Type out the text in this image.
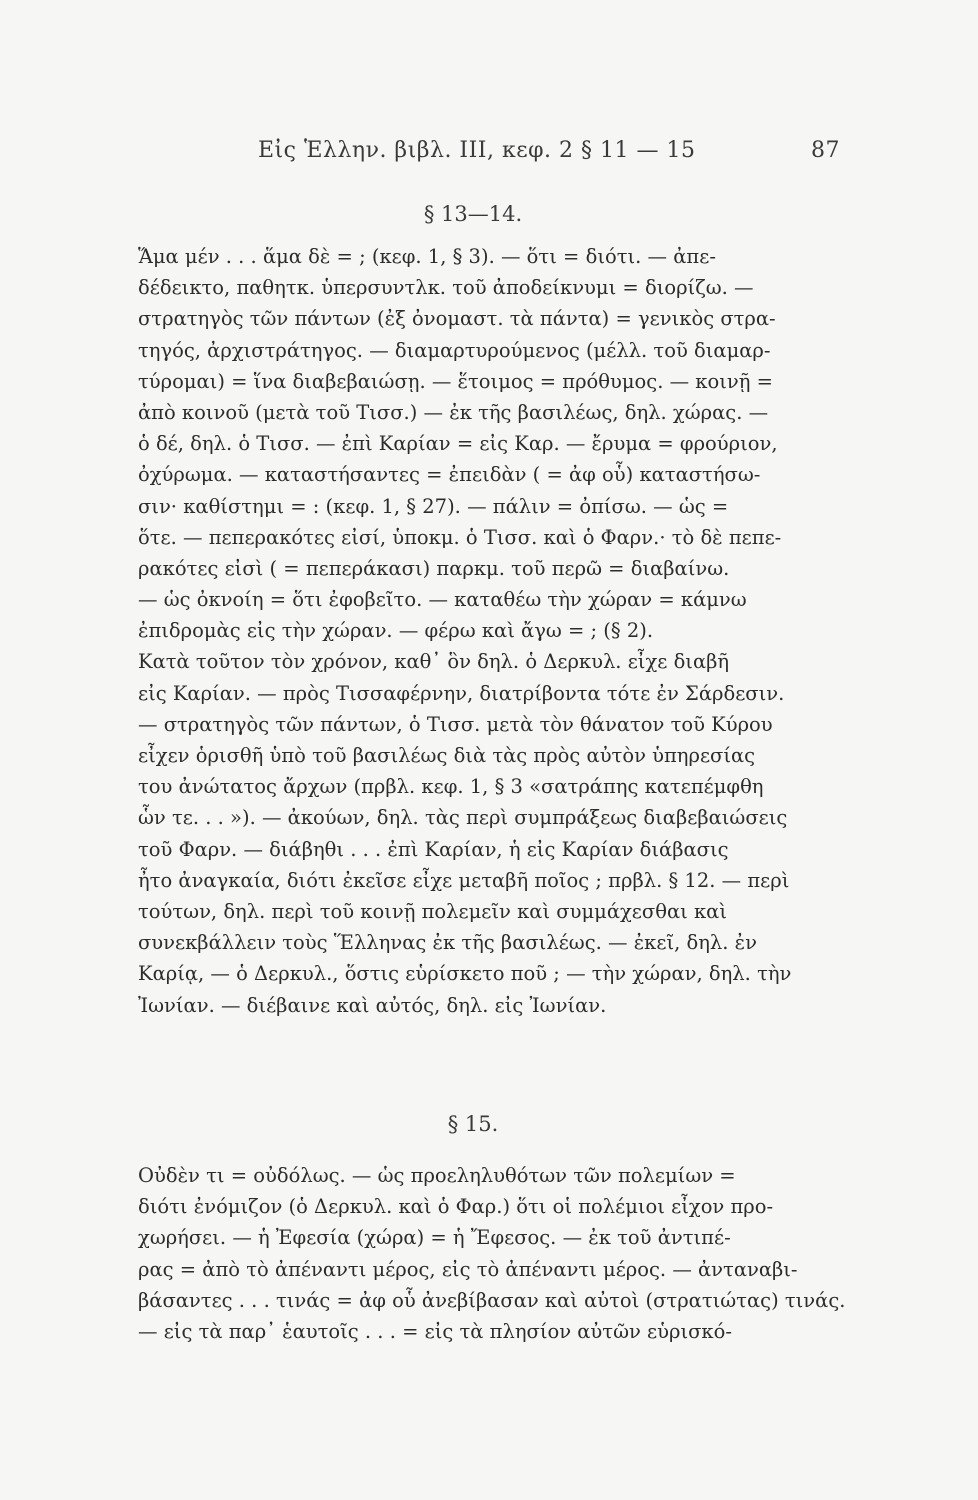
Εἰς Ἑλλην. βιβλ. III, κεφ. 2 § 11 — 15	87
§ 13—14.
Ἅμα μέν . . . ἅμα δὲ = ; (κεφ. 1, § 3). — ὅτι = διότι. — ἀπε-
δέδεικτο, παθητκ. ὑπερσυντλκ. τοῦ ἀποδείκνυμι = διορίζω. —
στρατηγὸς τῶν πάντων (ἐξ ὀνομαστ. τὰ πάντα) = γενικὸς στρα-
τηγός, ἀρχιστράτηγος. — διαμαρτυρούμενος (μέλλ. τοῦ διαμαρ-
τύρομαι) = ἵνα διαβεβαιώσῃ. — ἕτοιμος = πρόθυμος. — κοινῇ =
ἀπὸ κοινοῦ (μετὰ τοῦ Τισσ.) — ἐκ τῆς βασιλέως, δηλ. χώρας. —
ὁ δέ, δηλ. ὁ Τισσ. — ἐπὶ Καρίαν = εἰς Καρ. — ἔρυμα = φρούριον,
ὀχύρωμα. — καταστήσαντες = ἐπειδὰν ( = ἀφ οὗ) καταστήσω-
σιν· καθίστημι = : (κεφ. 1, § 27). — πάλιν = ὀπίσω. — ὡς =
ὅτε. — πεπερακότες εἰσί, ὑποκμ. ὁ Τισσ. καὶ ὁ Φαρν.· τὸ δὲ πεπε-
ρακότες εἰσὶ ( = πεπεράκασι) παρκμ. τοῦ περῶ = διαβαίνω.
— ὡς ὀκνοίη = ὅτι ἐφοβεῖτο. — καταθέω τὴν χώραν = κάμνω
ἐπιδρομὰς εἰς τὴν χώραν. — φέρω καὶ ἄγω = ; (§ 2).
Κατὰ τοῦτον τὸν χρόνον, καθ᾽ ὃν δηλ. ὁ Δερκυλ. εἶχε διαβῆ
εἰς Καρίαν. — πρὸς Τισσαφέρνην, διατρίβοντα τότε ἐν Σάρδεσιν.
— στρατηγὸς τῶν πάντων, ὁ Τισσ. μετὰ τὸν θάνατον τοῦ Κύρου
εἶχεν ὁρισθῆ ὑπὸ τοῦ βασιλέως διὰ τὰς πρὸς αὐτὸν ὑπηρεσίας
του ἀνώτατος ἄρχων (πρβλ. κεφ. 1, § 3 «σατράπης κατεπέμφθη
ὧν τε. . . »). — ἀκούων, δηλ. τὰς περὶ συμπράξεως διαβεβαιώσεις
τοῦ Φαρν. — διάβηθι . . . ἐπὶ Καρίαν, ἡ εἰς Καρίαν διάβασις
ἦτο ἀναγκαία, διότι ἐκεῖσε εἶχε μεταβῆ ποῖος ; πρβλ. § 12. — περὶ
τούτων, δηλ. περὶ τοῦ κοινῇ πολεμεῖν καὶ συμμάχεσθαι καὶ
συνεκβάλλειν τοὺς Ἕλληνας ἐκ τῆς βασιλέως. — ἐκεῖ, δηλ. ἐν
Καρίᾳ, — ὁ Δερκυλ., ὅστις εὑρίσκετο ποῦ ; — τὴν χώραν, δηλ. τὴν
Ἰωνίαν. — διέβαινε καὶ αὐτός, δηλ. εἰς Ἰωνίαν.
§ 15.
Οὐδὲν τι = οὐδόλως. — ὡς προεληλυθότων τῶν πολεμίων =
διότι ἐνόμιζον (ὁ Δερκυλ. καὶ ὁ Φαρ.) ὅτι οἱ πολέμιοι εἶχον προ-
χωρήσει. — ἡ Ἐφεσία (χώρα) = ἡ Ἔφεσος. — ἐκ τοῦ ἀντιπέ-
ρας = ἀπὸ τὸ ἀπέναντι μέρος, εἰς τὸ ἀπέναντι μέρος. — ἀνταναβι-
βάσαντες . . . τινάς = ἀφ οὗ ἀνεβίβασαν καὶ αὐτοὶ (στρατιώτας) τινάς.
— εἰς τὰ παρ᾽ ἑαυτοῖς . . . = εἰς τὰ πλησίον αὐτῶν εὑρισκό-
